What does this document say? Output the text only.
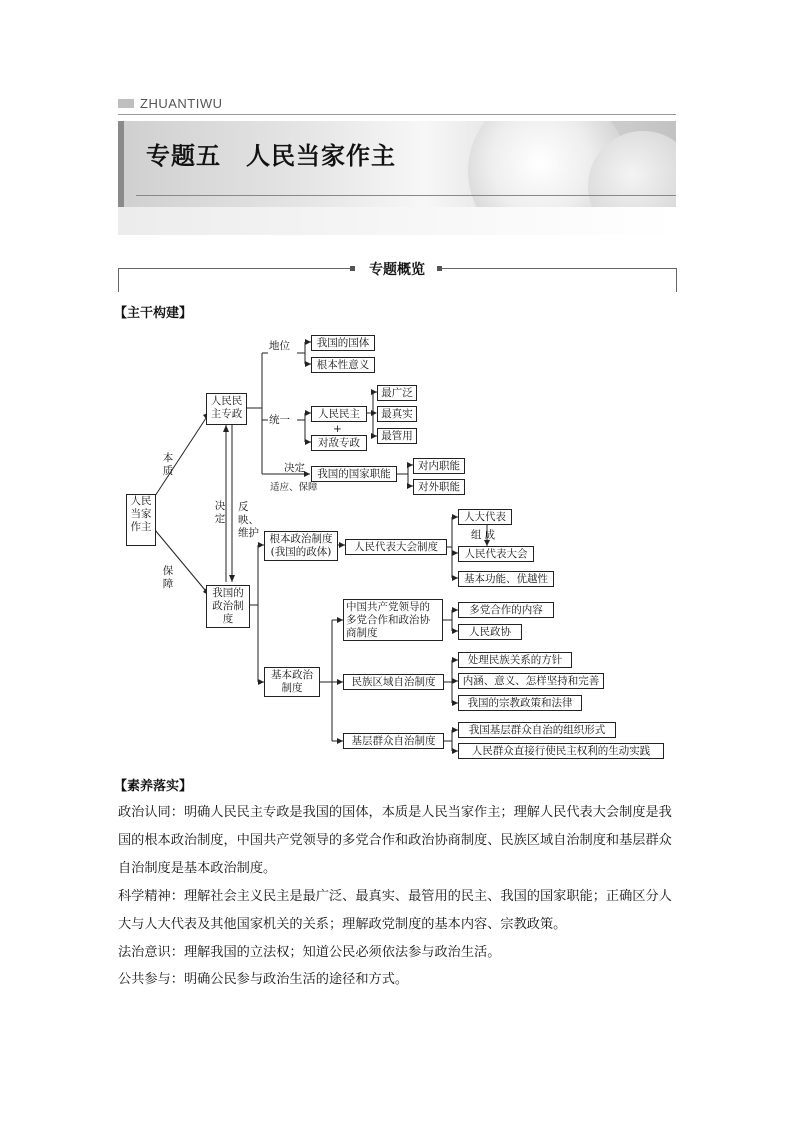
ZHUANTIWU
专题五　人民当家作主
专题概览
【主干构建】
人民当家作主
本质
保障
决定
反映、维护
人民民主专政
地位	我国的国体
根本性意义
统一	人民民主
+
对敌专政
最广泛
最真实
最管用
决定
适应、保障
我国的国家职能
对内职能
对外职能
我国的政治制度
根本政治制度(我国的政体)	人民代表大会制度
人大代表
组成
人民代表大会
基本功能、优越性
基本政治制度
中国共产党领导的多党合作和政治协商制度
多党合作的内容
人民政协
民族区域自治制度
处理民族关系的方针
内涵、意义、怎样坚持和完善
我国的宗教政策和法律
基层群众自治制度
我国基层群众自治的组织形式
人民群众直接行使民主权利的生动实践
【素养落实】
政治认同：明确人民民主专政是我国的国体，本质是人民当家作主；理解人民代表大会制度是我国的根本政治制度，中国共产党领导的多党合作和政治协商制度、民族区域自治制度和基层群众自治制度是基本政治制度。
科学精神：理解社会主义民主是最广泛、最真实、最管用的民主、我国的国家职能；正确区分人大与人大代表及其他国家机关的关系；理解政党制度的基本内容、宗教政策。
法治意识：理解我国的立法权；知道公民必须依法参与政治生活。
公共参与：明确公民参与政治生活的途径和方式。
